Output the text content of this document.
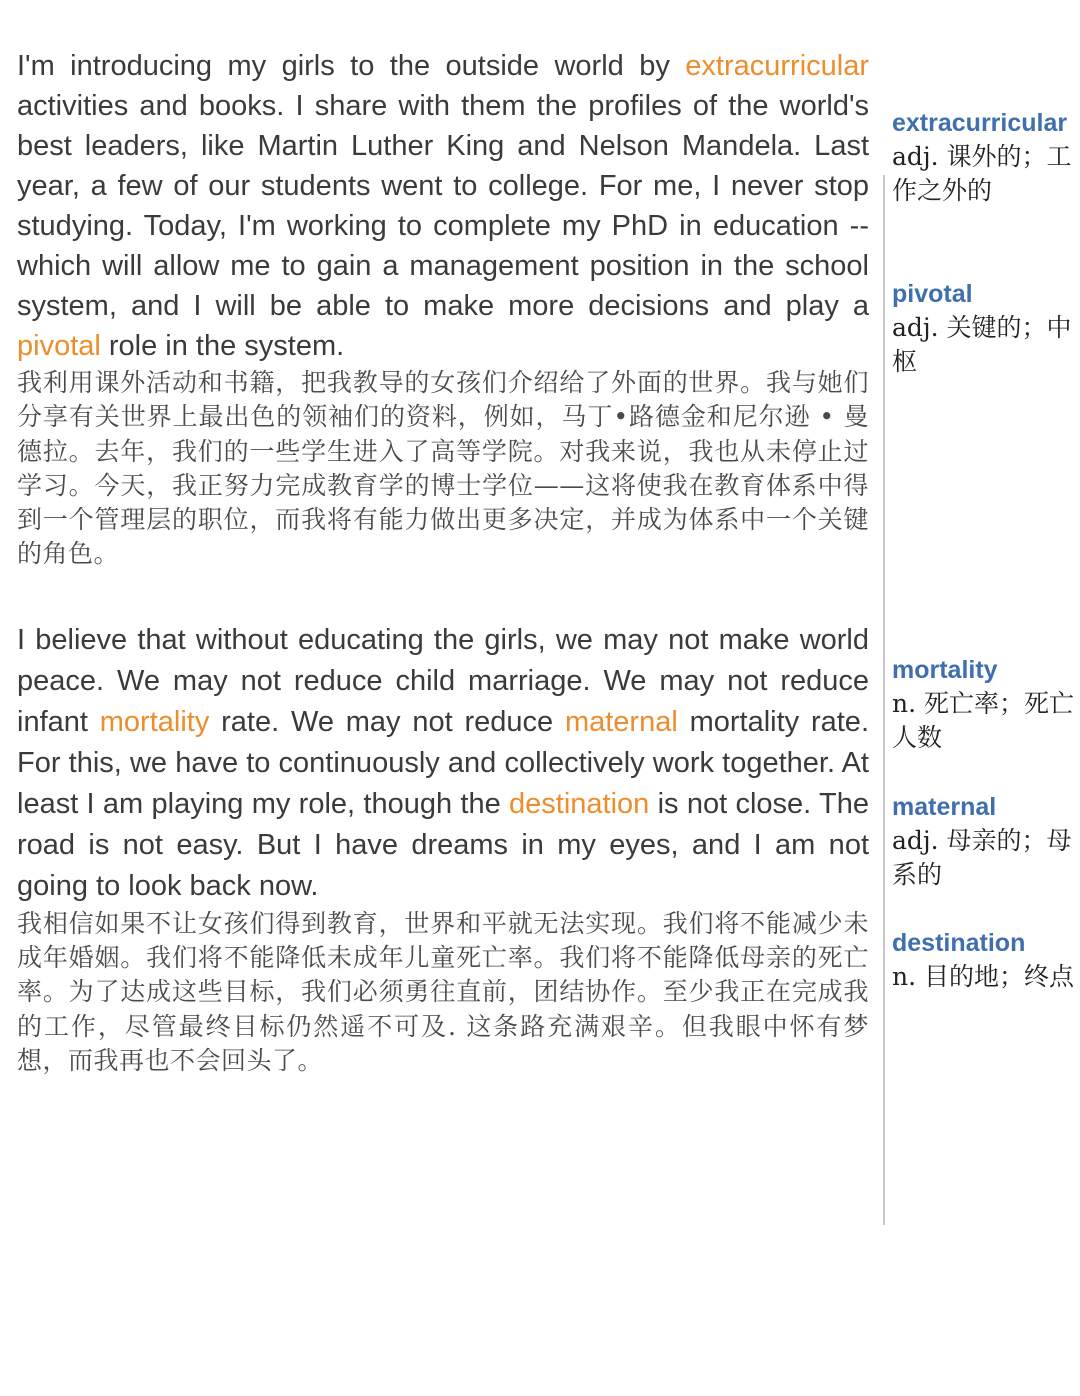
I'm introducing my girls to the outside world by extracurricular activities and books. I share with them the profiles of the world's best leaders, like Martin Luther King and Nelson Mandela. Last year, a few of our students went to college. For me, I never stop studying. Today, I'm working to complete my PhD in education -- which will allow me to gain a management position in the school system, and I will be able to make more decisions and play a pivotal role in the system.

我利用课外活动和书籍，把我教导的女孩们介绍给了外面的世界。我与她们分享有关世界上最出色的领袖们的资料，例如，马丁•路德金和尼尔逊 • 曼德拉。去年，我们的一些学生进入了高等学院。对我来说，我也从未停止过学习。今天，我正努力完成教育学的博士学位——这将使我在教育体系中得到一个管理层的职位，而我将有能力做出更多决定，并成为体系中一个关键的角色。

I believe that without educating the girls, we may not make world peace. We may not reduce child marriage. We may not reduce infant mortality rate. We may not reduce maternal mortality rate. For this, we have to continuously and collectively work together. At least I am playing my role, though the destination is not close. The road is not easy. But I have dreams in my eyes, and I am not going to look back now.

我相信如果不让女孩们得到教育，世界和平就无法实现。我们将不能减少未成年婚姻。我们将不能降低未成年儿童死亡率。我们将不能降低母亲的死亡率。为了达成这些目标，我们必须勇往直前，团结协作。至少我正在完成我的工作，尽管最终目标仍然遥不可及. 这条路充满艰辛。但我眼中怀有梦想，而我再也不会回头了。

extracurricular
adj. 课外的；工作之外的
pivotal
adj. 关键的；中枢
mortality
n. 死亡率；死亡人数
maternal
adj. 母亲的；母系的
destination
n. 目的地；终点
